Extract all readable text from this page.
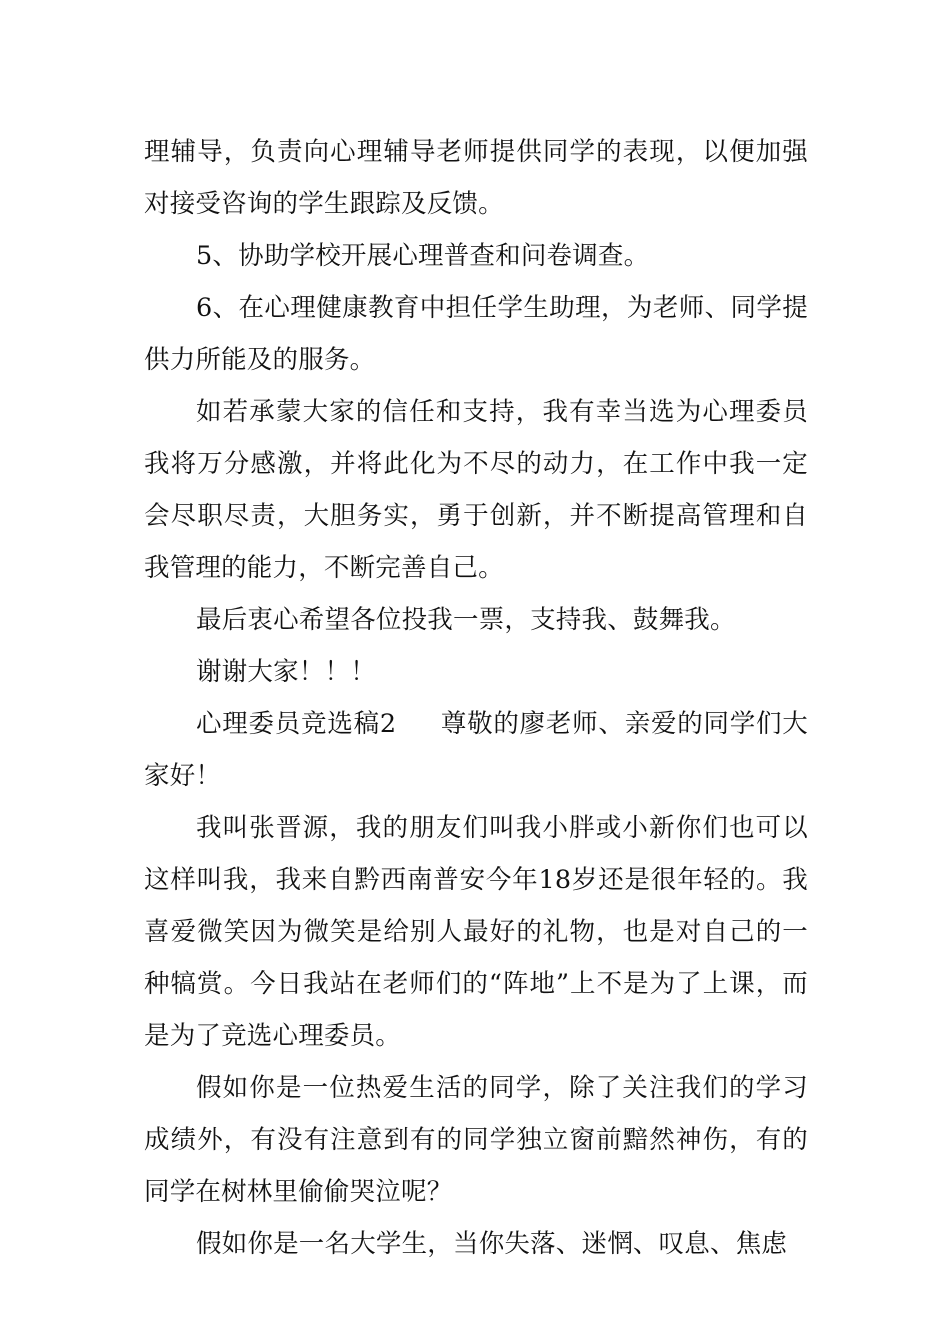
理辅导，负责向心理辅导老师提供同学的表现，以便加强对接受咨询的学生跟踪及反馈。

5、协助学校开展心理普查和问卷调查。

6、在心理健康教育中担任学生助理，为老师、同学提供力所能及的服务。

如若承蒙大家的信任和支持，我有幸当选为心理委员我将万分感激，并将此化为不尽的动力，在工作中我一定会尽职尽责，大胆务实，勇于创新，并不断提高管理和自我管理的能力，不断完善自己。

最后衷心希望各位投我一票，支持我、鼓舞我。

谢谢大家！！！

心理委员竞选稿2 尊敬的廖老师、亲爱的同学们大家好！

我叫张晋源，我的朋友们叫我小胖或小新你们也可以这样叫我，我来自黔西南普安今年18岁还是很年轻的。我喜爱微笑因为微笑是给别人最好的礼物，也是对自己的一种犒赏。今日我站在老师们的“阵地”上不是为了上课，而是为了竞选心理委员。

假如你是一位热爱生活的同学，除了关注我们的学习成绩外，有没有注意到有的同学独立窗前黯然神伤，有的同学在树林里偷偷哭泣呢？

假如你是一名大学生，当你失落、迷惘、叹息、焦虑
